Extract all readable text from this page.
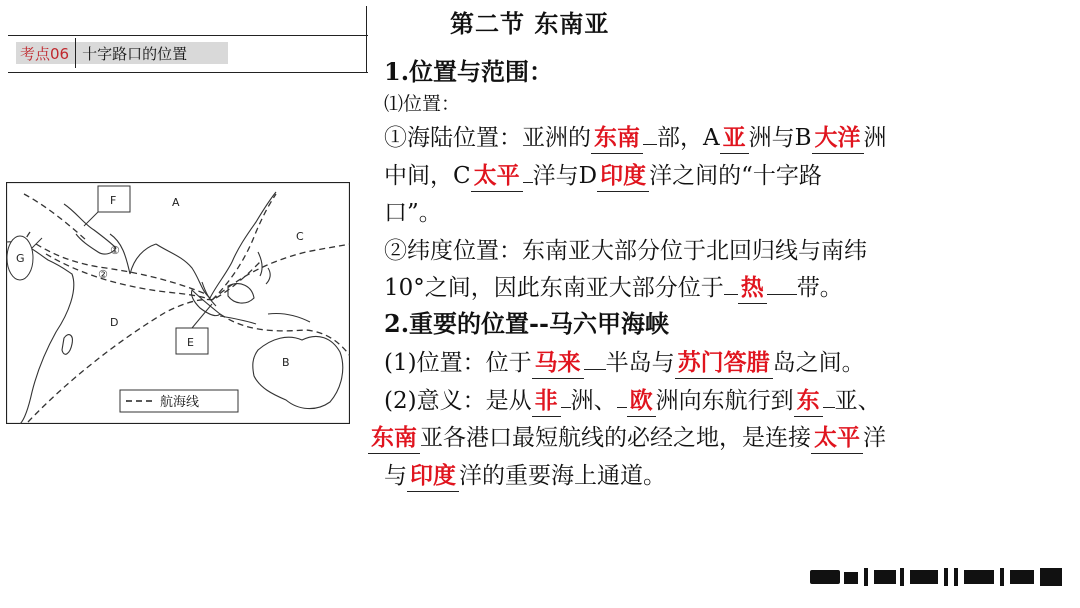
考点06 十字路口的位置
第二节 东南亚
F
E
G
A
C
D
B
①
②
航海线
1.位置与范围：
⑴位置：
①海陆位置：亚洲的 东南 部，A 亚 洲与B 大洋 洲
中间，C 太平 洋与D 印度 洋之间的“十字路
口”。
②纬度位置：东南亚大部分位于北回归线与南纬
10°之间，因此东南亚大部分位于 热 带。
2.重要的位置--马六甲海峡
(1)位置：位于 马来 半岛与 苏门答腊 岛之间。
(2)意义：是从 非 洲、 欧 洲向东航行到 东 亚、
东南 亚各港口最短航线的必经之地，是连接 太平 洋
与 印度 洋的重要海上通道。
